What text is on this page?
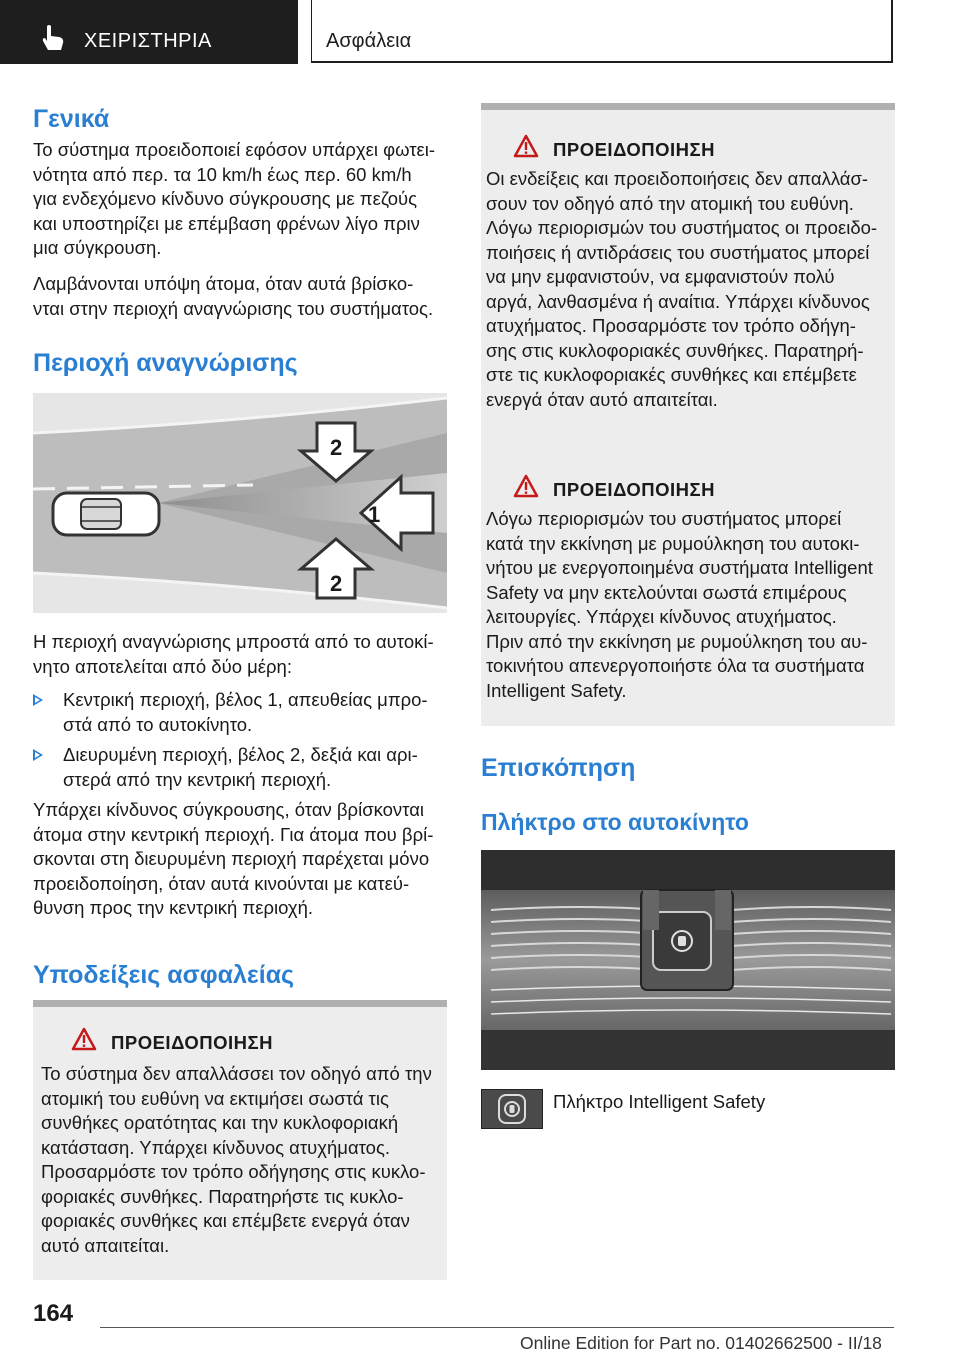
ΧΕΙΡΙΣΤΗΡΙΑ	Ασφάλεια
Γενικά
Το σύστημα προειδοποιεί εφόσον υπάρχει φωτει-
νότητα από περ. τα 10 km/h έως περ. 60 km/h
για ενδεχόμενο κίνδυνο σύγκρουσης με πεζούς
και υποστηρίζει με επέμβαση φρένων λίγο πριν
μια σύγκρουση.
Λαμβάνονται υπόψη άτομα, όταν αυτά βρίσκο-
νται στην περιοχή αναγνώρισης του συστήματος.
Περιοχή αναγνώρισης
2
1
2
Η περιοχή αναγνώρισης μπροστά από το αυτοκί-
νητο αποτελείται από δύο μέρη:
Κεντρική περιοχή, βέλος 1, απευθείας μπρο-
στά από το αυτοκίνητο.
Διευρυμένη περιοχή, βέλος 2, δεξιά και αρι-
στερά από την κεντρική περιοχή.
Υπάρχει κίνδυνος σύγκρουσης, όταν βρίσκονται
άτομα στην κεντρική περιοχή. Για άτομα που βρί-
σκονται στη διευρυμένη περιοχή παρέχεται μόνο
προειδοποίηση, όταν αυτά κινούνται με κατεύ-
θυνση προς την κεντρική περιοχή.
Υποδείξεις ασφαλείας
ΠΡΟΕΙΔΟΠΟΙΗΣΗ
Το σύστημα δεν απαλλάσσει τον οδηγό από την
ατομική του ευθύνη να εκτιμήσει σωστά τις
συνθήκες ορατότητας και την κυκλοφοριακή
κατάσταση. Υπάρχει κίνδυνος ατυχήματος.
Προσαρμόστε τον τρόπο οδήγησης στις κυκλο-
φοριακές συνθήκες. Παρατηρήστε τις κυκλο-
φοριακές συνθήκες και επέμβετε ενεργά όταν
αυτό απαιτείται.
ΠΡΟΕΙΔΟΠΟΙΗΣΗ
Οι ενδείξεις και προειδοποιήσεις δεν απαλλάσ-
σουν τον οδηγό από την ατομική του ευθύνη.
Λόγω περιορισμών του συστήματος οι προειδο-
ποιήσεις ή αντιδράσεις του συστήματος μπορεί
να μην εμφανιστούν, να εμφανιστούν πολύ
αργά, λανθασμένα ή αναίτια. Υπάρχει κίνδυνος
ατυχήματος. Προσαρμόστε τον τρόπο οδήγη-
σης στις κυκλοφοριακές συνθήκες. Παρατηρή-
στε τις κυκλοφοριακές συνθήκες και επέμβετε
ενεργά όταν αυτό απαιτείται.
ΠΡΟΕΙΔΟΠΟΙΗΣΗ
Λόγω περιορισμών του συστήματος μπορεί
κατά την εκκίνηση με ρυμούλκηση του αυτοκι-
νήτου με ενεργοποιημένα συστήματα Intelligent
Safety να μην εκτελούνται σωστά επιμέρους
λειτουργίες. Υπάρχει κίνδυνος ατυχήματος.
Πριν από την εκκίνηση με ρυμούλκηση του αυ-
τοκινήτου απενεργοποιήστε όλα τα συστήματα
Intelligent Safety.
Επισκόπηση
Πλήκτρο στο αυτοκίνητο
Πλήκτρο Intelligent Safety
164
Online Edition for Part no. 01402662500 - II/18
